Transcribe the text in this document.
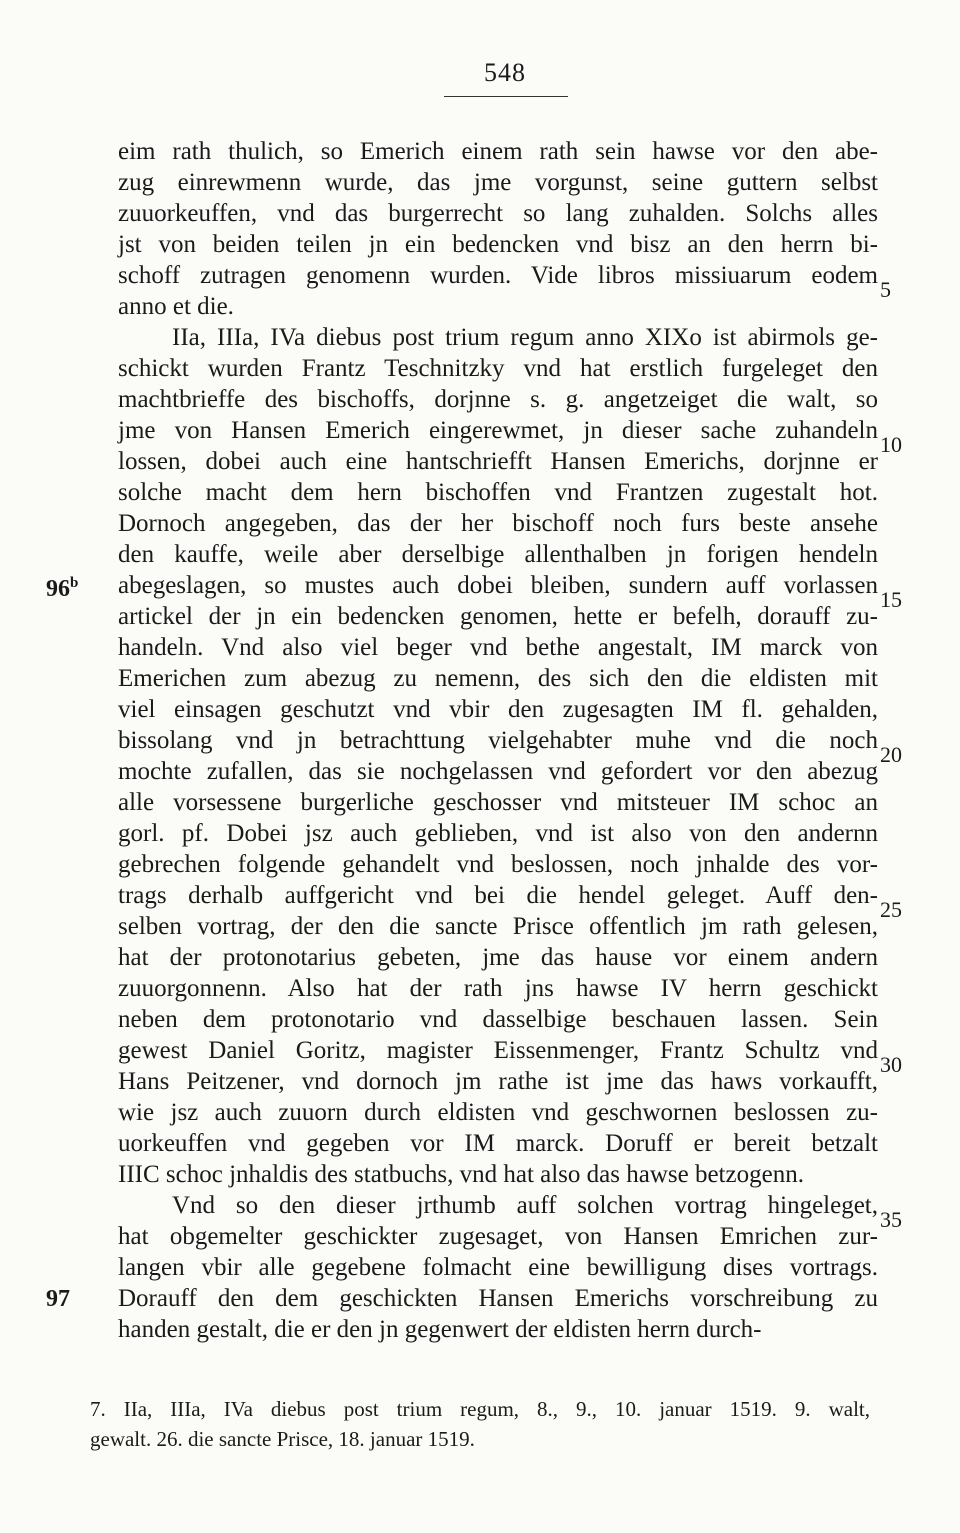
548
eim rath thulich, so Emerich einem rath sein hawse vor den abe-
zug einrewmenn wurde, das jme vorgunst, seine guttern selbst
zuuorkeuffen, vnd das burgerrecht so lang zuhalden. Solchs alles
jst von beiden teilen jn ein bedencken vnd bisz an den herrn bi-
schoff zutragen genomenn wurden. Vide libros missiuarum eodem
anno et die.
IIa, IIIa, IVa diebus post trium regum anno XIXo ist abirmols ge-
schickt wurden Frantz Teschnitzky vnd hat erstlich furgeleget den
machtbrieffe des bischoffs, dorjnne s. g. angetzeiget die walt, so
jme von Hansen Emerich eingerewmet, jn dieser sache zuhandeln
lossen, dobei auch eine hantschriefft Hansen Emerichs, dorjnne er
solche macht dem hern bischoffen vnd Frantzen zugestalt hot.
Dornoch angegeben, das der her bischoff noch furs beste ansehe
den kauffe, weile aber derselbige allenthalben jn forigen hendeln
abegeslagen, so mustes auch dobei bleiben, sundern auff vorlassen
artickel der jn ein bedencken genomen, hette er befelh, dorauff zu-
handeln. Vnd also viel beger vnd bethe angestalt, IM marck von
Emerichen zum abezug zu nemenn, des sich den die eldisten mit
viel einsagen geschutzt vnd vbir den zugesagten IM fl. gehalden,
bissolang vnd jn betrachttung vielgehabter muhe vnd die noch
mochte zufallen, das sie nochgelassen vnd gefordert vor den abezug
alle vorsessene burgerliche geschosser vnd mitsteuer IM schoc an
gorl. pf. Dobei jsz auch geblieben, vnd ist also von den andernn
gebrechen folgende gehandelt vnd beslossen, noch jnhalde des vor-
trags derhalb auffgericht vnd bei die hendel geleget. Auff den-
selben vortrag, der den die sancte Prisce offentlich jm rath gelesen,
hat der protonotarius gebeten, jme das hause vor einem andern
zuuorgonnenn. Also hat der rath jns hawse IV herrn geschickt
neben dem protonotario vnd dasselbige beschauen lassen. Sein
gewest Daniel Goritz, magister Eissenmenger, Frantz Schultz vnd
Hans Peitzener, vnd dornoch jm rathe ist jme das haws vorkaufft,
wie jsz auch zuuorn durch eldisten vnd geschwornen beslossen zu-
uorkeuffen vnd gegeben vor IM marck. Doruff er bereit betzalt
IIIC schoc jnhaldis des statbuchs, vnd hat also das hawse betzogenn.
Vnd so den dieser jrthumb auff solchen vortrag hingeleget,
hat obgemelter geschickter zugesaget, von Hansen Emrichen zur-
langen vbir alle gegebene folmacht eine bewilligung dises vortrags.
Dorauff den dem geschickten Hansen Emerichs vorschreibung zu
handen gestalt, die er den jn gegenwert der eldisten herrn durch-
5
10
15
20
25
30
35
96$^b$
97
7. IIa, IIIa, IVa diebus post trium regum, 8., 9., 10. januar 1519. 9. walt,
gewalt. 26. die sancte Prisce, 18. januar 1519.
